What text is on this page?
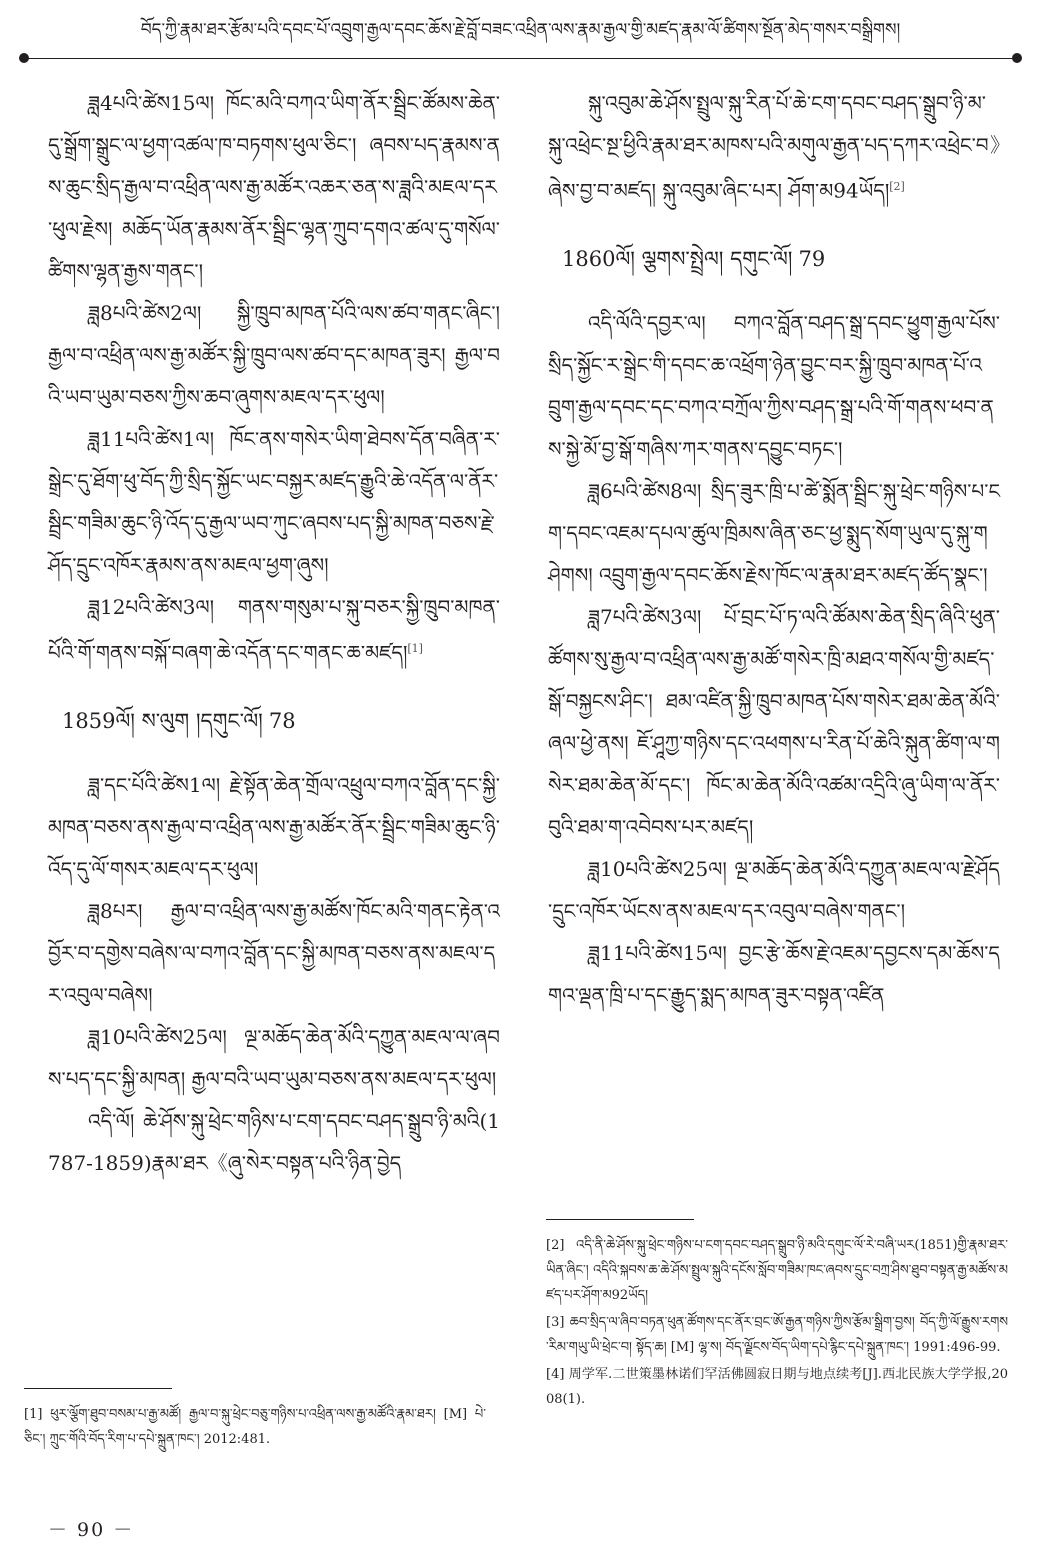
བོད་ཀྱི་རྣམ་ཐར་རྩོམ་པའི་དབང་པོ་འབྲུག་རྒྱལ་དབང་ཆོས་རྗེ་བློ་བཟང་འཕྲིན་ལས་རྣམ་རྒྱལ་གྱི་མཛད་རྣམ་ལོ་ཚིགས་སྔོན་མེད་གསར་བསྒྲིགས།

ཟླ4པའི་ཚེས15ལ། ཁོང་མའི་བཀའ་ཡིག་ནོར་སྦྲིང་ཚོམས་ཆེན་དུ་སྒྲོག་སྒྲུང་ལ་ཕྱག་འཚལ་ཁ་བཏགས་ཕུལ་ཅིང་། ཞབས་པད་རྣམས་ནས་ཆུང་སྲིད་རྒྱལ་བ་འཕྲིན་ལས་རྒྱ་མཚོར་འཆར་ཅན་ས་ཟླའི་མཇལ་དར་ཕུལ་རྗེས། མཆོད་ཡོན་རྣམས་ནོར་སྦྲིང་ལྷན་ཀྲུབ་དགའ་ཚལ་དུ་གསོལ་ཚིགས་ལྷན་རྒྱས་གནང་།

ཟླ8པའི་ཚེས2ལ། སྐྱི་ཁྲུབ་མཁན་པོའི་ལས་ཚབ་གནང་ཞིང་། རྒྱལ་བ་འཕྲིན་ལས་རྒྱ་མཚོར་སྐྱི་ཁྲུབ་ལས་ཚབ་དང་མཁན་ཟུར། རྒྱལ་བའི་ཡབ་ཡུམ་བཅས་ཀྱིས་ཆབ་ཞུགས་མཇལ་དར་ཕུལ།

ཟླ11པའི་ཚེས1ལ། ཁོང་ནས་གསེར་ཡིག་ཐེབས་དོན་བཞིན་ར་སྒྲེང་དུ་ཐོག་ཕུ་བོད་ཀྱི་སྲིད་སྐྱོང་ཡང་བསྐྱར་མཛད་རྒྱུའི་ཆེ་འདོན་ལ་ནོར་སྦྲིང་གཟིམ་ཆུང་ཉི་འོད་དུ་རྒྱལ་ཡབ་ཀུང་ཞབས་པད་སྐྱི་མཁན་བཅས་རྗེ་ཤོད་དྲུང་འཁོར་རྣམས་ནས་མཇལ་ཕྱག་ཞུས།

ཟླ12པའི་ཚེས3ལ། གནས་གསུམ་པ་སྐུ་བཅར་སྐྱི་ཁྲུབ་མཁན་པོའི་གོ་གནས་བསྐོ་བཞག་ཆེ་འདོན་དང་གནང་ཆ་མཛད།[1]

1859ལོ། ས་ལུག །དགུང་ལོ། 78

ཟླ་དང་པོའི་ཚེས1ལ། རྗེ་སྟོན་ཆེན་གྲོལ་འཕྲུལ་བཀའ་བློན་དང་སྐྱི་མཁན་བཅས་ནས་རྒྱལ་བ་འཕྲིན་ལས་རྒྱ་མཚོར་ནོར་སྦྲིང་གཟིམ་ཆུང་ཉི་འོད་དུ་ལོ་གསར་མཇལ་དར་ཕུལ།

ཟླ8པར། རྒྱལ་བ་འཕྲིན་ལས་རྒྱ་མཚོས་ཁོང་མའི་གནང་རྟེན་འབྱོར་བ་དགྱེས་བཞེས་ལ་བཀའ་བློན་དང་སྐྱི་མཁན་བཅས་ནས་མཇལ་དར་འབུལ་བཞེས།

ཟླ10པའི་ཚེས25ལ། ལྔ་མཆོད་ཆེན་མོའི་དཀྱུན་མཇལ་ལ་ཞབས་པད་དང་སྐྱི་མཁན། རྒྱལ་བའི་ཡབ་ཡུམ་བཅས་ནས་མཇལ་དར་ཕུལ།

འདི་ལོ། ཆེ་ཤོས་སྐུ་ཕྲེང་གཉིས་པ་ངག་དབང་བཤད་སྒྲུབ་ཉི་མའི(1787-1859)རྣམ་ཐར《ཞུ་སེར་བསྟན་པའི་ཉིན་བྱེད

སྐུ་འབུམ་ཆེ་ཤོས་སྤྲུལ་སྐུ་རིན་པོ་ཆེ་ངག་དབང་བཤད་སྒྲུབ་ཉི་མ་སྐུ་འཕྲེང་སྔ་ཕྱིའི་རྣམ་ཐར་མཁས་པའི་མགུལ་རྒྱན་པད་དཀར་འཕྲེང་བ》ཞེས་བྱ་བ་མཛད། སྐུ་འབུམ་ཞིང་པར། ཤོག་མ94ཡོད།[2]

1860ལོ། ལྕགས་སྤྲེལ། དགུང་ལོ། 79

འདི་ལོའི་དབྱར་ལ། བཀའ་བློན་བཤད་སྒྲ་དབང་ཕྱུག་རྒྱལ་པོས་སྲིད་སྐྱོང་ར་སྒྲེང་གི་དབང་ཆ་འཕྲོག་ཉེན་བྱུང་བར་སྐྱི་ཁྲུབ་མཁན་པོ་འབྲུག་རྒྱལ་དབང་དང་བཀའ་བཀྲོལ་ཀྱིས་བཤད་སྒྲ་པའི་གོ་གནས་ཕབ་ནས་སྐྱེ་མོ་བྱ་སྒོ་གཞིས་ཀར་གནས་དབྱུང་བཏང་།

ཟླ6པའི་ཚེས8ལ། སྲིད་ཟུར་ཁྲི་པ་ཚེ་སྨོན་སྦྲིང་སྐུ་ཕྲེང་གཉིས་པ་ངག་དབང་འཇམ་དཔལ་ཚུལ་ཁྲིམས་ཞིན་ཅང་ཕྱ་སྨུད་སོག་ཡུལ་དུ་སྐུ་གཤེགས། འབྲུག་རྒྱལ་དབང་ཆོས་རྗེས་ཁོང་ལ་རྣམ་ཐར་མཛད་ཚོད་སྣང་།

ཟླ7པའི་ཚེས3ལ། པོ་བྲང་པོ་ཏ་ལའི་ཚོམས་ཆེན་སྲིད་ཞིའི་ཕུན་ཚོགས་སུ་རྒྱལ་བ་འཕྲིན་ལས་རྒྱ་མཚོ་གསེར་ཁྲི་མཐའ་གསོལ་གྱི་མཛད་སྒོ་བསྐྱངས་ཤིང་། ཐམ་འཛིན་སྐྱི་ཁྲུབ་མཁན་པོས་གསེར་ཐམ་ཆེན་མོའི་ཞལ་ཕྱེ་ནས། ཇོ་ཤཱཀྱ་གཉིས་དང་འཕགས་པ་རིན་པོ་ཆེའི་སྐུན་ཚིག་ལ་གསེར་ཐམ་ཆེན་མོ་དང་། ཁོང་མ་ཆེན་མོའི་འཚམ་འདྲིའི་ཞུ་ཡིག་ལ་ནོར་བུའི་ཐམ་ག་འབེབས་པར་མཛད།

ཟླ10པའི་ཚེས25ལ། ལྔ་མཆོད་ཆེན་མོའི་དཀྱུན་མཇལ་ལ་རྗེ་ཤོད་དྲུང་འཁོར་ཡོངས་ནས་མཇལ་དར་འབུལ་བཞེས་གནང་།

ཟླ11པའི་ཚེས15ལ། བྱང་རྩེ་ཆོས་རྗེ་འཇམ་དབྱངས་དམ་ཆོས་དགའ་ལྡན་ཁྲི་པ་དང་རྒྱུད་སྨད་མཁན་ཟུར་བསྟན་འཛིན

[1] ཕུར་ལྕོག་ཐུབ་བསམ་པ་རྒྱ་མཚོ། རྒྱལ་བ་སྐུ་ཕྲེང་བཅུ་གཉིས་པ་འཕྲིན་ལས་རྒྱ་མཚོའི་རྣམ་ཐར། [M] པེ་ཅིང་། ཀྲུང་གོའི་བོད་རིག་པ་དཔེ་སྐྲུན་ཁང་། 2012:481.

[2] འདི་ནི་ཆེ་ཤོས་སྐུ་ཕྲེང་གཉིས་པ་ངག་དབང་བཤད་སྒྲུབ་ཉི་མའི་དགུང་ལོ་རེ་བཞི་ཡར(1851)གྱི་རྣམ་ཐར་ཡིན་ཞིང་། འདིའི་སྐབས་ཆ་ཆེ་ཤོས་སྤྲུལ་སྐུའི་དངོས་སློབ་གཟིམ་ཁང་ཞབས་དྲུང་བཀྲ་ཤིས་ཐུབ་བསྟན་རྒྱ་མཚོས་མཛད་པར་ཤོག་མ92ཡོད།

[3] ཆབ་སྲིད་ལ་ཞིབ་བཏན་ཕུན་ཚོགས་དང་ནོར་བྲང་ཨོ་རྒྱན་གཉིས་ཀྱིས་རྩོམ་སྒྲིག་བྱས། བོད་ཀྱི་ལོ་རྒྱུས་རགས་རིམ་གཡུ་ཡི་ཕྲེང་བ། སྟོད་ཆ། [M] ལྷ་ས། བོད་ལྗོངས་བོད་ཡིག་དཔེ་རྙིང་དཔེ་སྐྲུན་ཁང་། 1991:496-99.

[4] 周学军.二世策墨林诺们罕活佛圆寂日期与地点续考[J].西北民族大学学报,2008(1).

－ 90 －
